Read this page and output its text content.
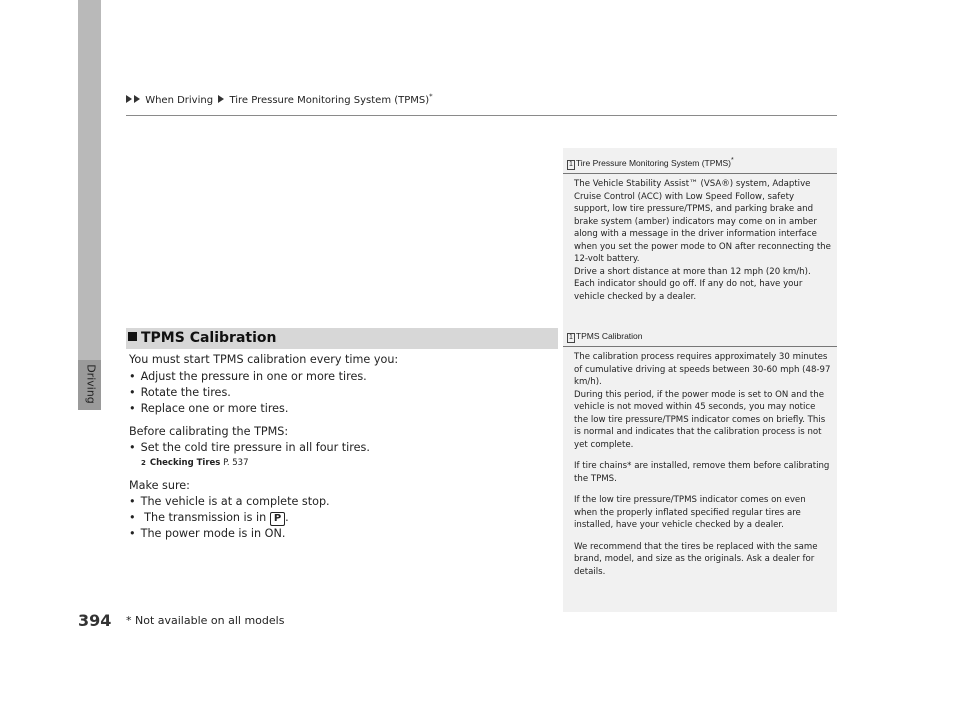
When Driving Tire Pressure Monitoring System (TPMS)*
Driving
394 * Not available on all models
1 Tire Pressure Monitoring System (TPMS)*

The Vehicle Stability Assist™ (VSA®) system, Adaptive Cruise Control (ACC) with Low Speed Follow, safety support, low tire pressure/TPMS, and parking brake and brake system (amber) indicators may come on in amber along with a message in the driver information interface when you set the power mode to ON after reconnecting the 12-volt battery.

Drive a short distance at more than 12 mph (20 km/h). Each indicator should go off. If any do not, have your vehicle checked by a dealer.

1 TPMS Calibration

The calibration process requires approximately 30 minutes of cumulative driving at speeds between 30-60 mph (48-97 km/h).

During this period, if the power mode is set to ON and the vehicle is not moved within 45 seconds, you may notice the low tire pressure/TPMS indicator comes on briefly. This is normal and indicates that the calibration process is not yet complete.

If tire chains* are installed, remove them before calibrating the TPMS.

If the low tire pressure/TPMS indicator comes on even when the properly inflated specified regular tires are installed, have your vehicle checked by a dealer.

We recommend that the tires be replaced with the same brand, model, and size as the originals. Ask a dealer for details.

TPMS Calibration
You must start TPMS calibration every time you:
• Adjust the pressure in one or more tires.
• Rotate the tires.
• Replace one or more tires.
Before calibrating the TPMS:
• Set the cold tire pressure in all four tires.
2 Checking Tires P. 537
Make sure:
• The vehicle is at a complete stop.
• The transmission is in P .
• The power mode is in ON.
